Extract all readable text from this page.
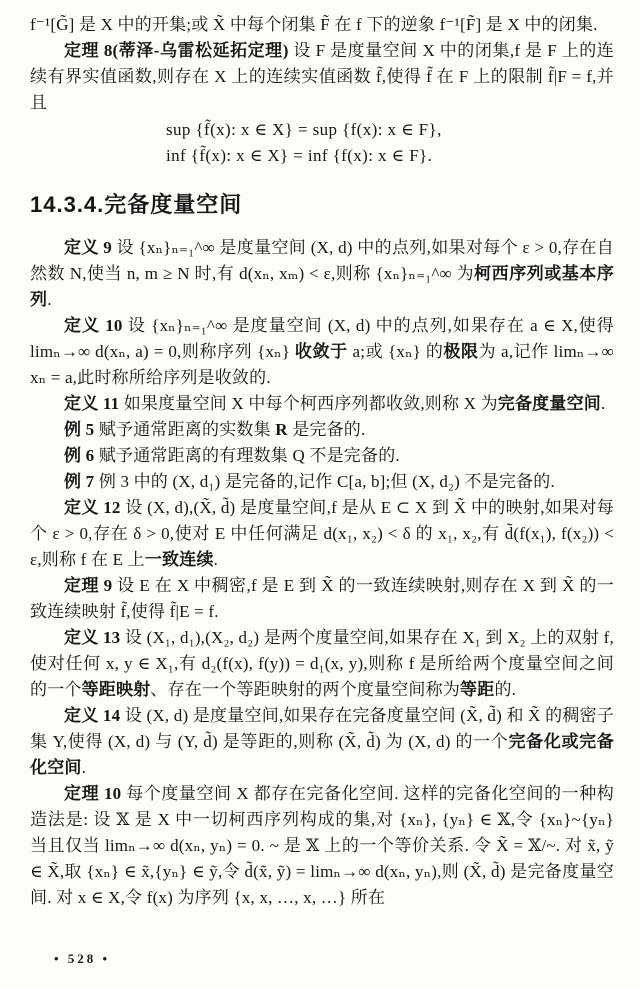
f⁻¹[G̃] 是 X 中的开集;或 X̃ 中每个闭集 F̃ 在 f 下的逆象 f⁻¹[F̃] 是 X 中的闭集.

定理 8(蒂泽-乌雷松延拓定理) 设 F 是度量空间 X 中的闭集,f 是 F 上的连续有界实值函数,则存在 X 上的连续实值函数 f̃,使得 f̃ 在 F 上的限制 f̃|F = f,并且

sup {f̃(x): x ∈ X} = sup {f(x): x ∈ F},
inf {f̃(x): x ∈ X} = inf {f(x): x ∈ F}.
14.3.4.完备度量空间

定义 9 设 {xₙ}ₙ₌₁^∞ 是度量空间 (X, d) 中的点列,如果对每个 ε > 0,存在自然数 N,使当 n, m ≥ N 时,有 d(xₙ, xₘ) < ε,则称 {xₙ}ₙ₌₁^∞ 为柯西序列或基本序列.

定义 10 设 {xₙ}ₙ₌₁^∞ 是度量空间 (X, d) 中的点列,如果存在 a ∈ X,使得 limₙ→∞ d(xₙ, a) = 0,则称序列 {xₙ} 收敛于 a;或 {xₙ} 的极限为 a,记作 limₙ→∞ xₙ = a,此时称所给序列是收敛的.

定义 11 如果度量空间 X 中每个柯西序列都收敛,则称 X 为完备度量空间.

例 5 赋予通常距离的实数集 R 是完备的.

例 6 赋予通常距离的有理数集 Q 不是完备的.

例 7 例 3 中的 (X, d₁) 是完备的,记作 C[a, b];但 (X, d₂) 不是完备的.

定义 12 设 (X, d),(X̃, d̃) 是度量空间,f 是从 E ⊂ X 到 X̃ 中的映射,如果对每个 ε > 0,存在 δ > 0,使对 E 中任何满足 d(x₁, x₂) < δ 的 x₁, x₂,有 d̃(f(x₁), f(x₂)) < ε,则称 f 在 E 上一致连续.

定理 9 设 E 在 X 中稠密,f 是 E 到 X̃ 的一致连续映射,则存在 X 到 X̃ 的一致连续映射 f̃,使得 f̃|E = f.

定义 13 设 (X₁, d₁),(X₂, d₂) 是两个度量空间,如果存在 X₁ 到 X₂ 上的双射 f,使对任何 x, y ∈ X₁,有 d₂(f(x), f(y)) = d₁(x, y),则称 f 是所给两个度量空间之间的一个等距映射、存在一个等距映射的两个度量空间称为等距的.

定义 14 设 (X, d) 是度量空间,如果存在完备度量空间 (X̃, d̃) 和 X̃ 的稠密子集 Y,使得 (X, d) 与 (Y, d̃) 是等距的,则称 (X̃, d̃) 为 (X, d) 的一个完备化或完备化空间.

定理 10 每个度量空间 X 都存在完备化空间. 这样的完备化空间的一种构造法是: 设 𝕏 是 X 中一切柯西序列构成的集,对 {xₙ}, {yₙ} ∈ 𝕏,令 {xₙ}~{yₙ} 当且仅当 limₙ→∞ d(xₙ, yₙ) = 0. ~ 是 𝕏 上的一个等价关系. 令 X̃ = 𝕏/~. 对 x̃, ỹ ∈ X̃,取 {xₙ} ∈ x̃,{yₙ} ∈ ỹ,令 d̃(x̃, ỹ) = limₙ→∞ d(xₙ, yₙ),则 (X̃, d̃) 是完备度量空间. 对 x ∈ X,令 f(x) 为序列 {x, x, …, x, …} 所在

• 528 •
